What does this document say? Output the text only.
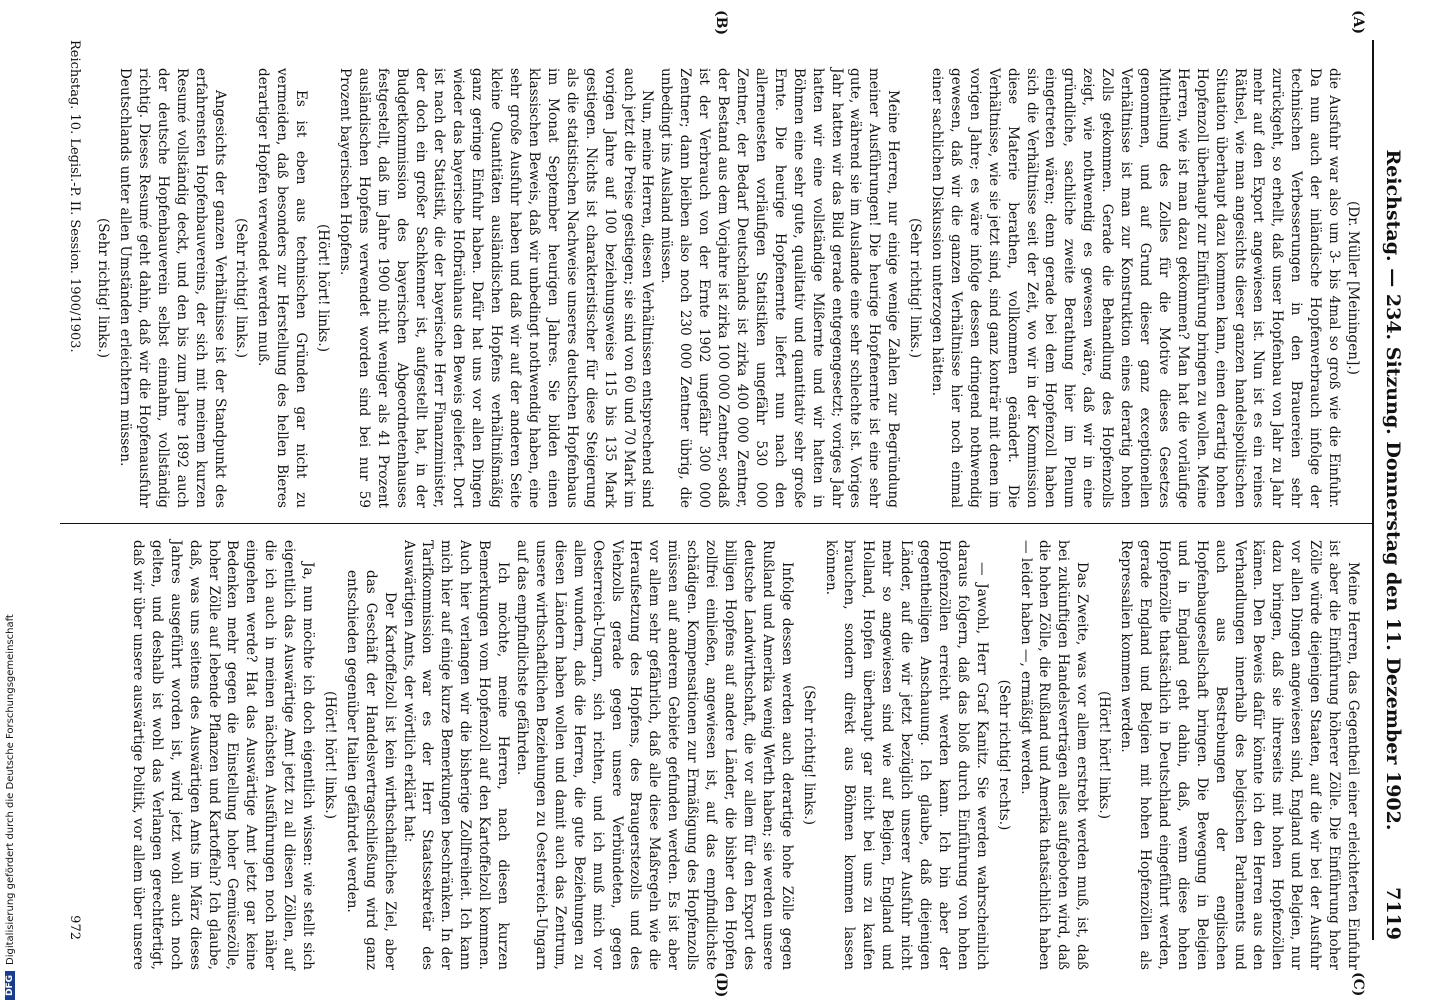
Reichstag. — 234. Sitzung. Donnerstag den 11. Dezember 1902.
7119
(A)
(B)
(C)
(D)

(Dr. Müller [Meiningen].)

die Ausfuhr war also um 3- bis 4mal so groß wie die Einfuhr. Da nun auch der inländische Hopfenverbrauch infolge der technischen Verbesserungen in den Brauereien sehr zurückgeht, so erhellt, daß unser Hopfenbau von Jahr zu Jahr mehr auf den Export angewiesen ist. Nun ist es ein reines Räthsel, wie man angesichts dieser ganzen handelspolitischen Situation überhaupt dazu kommen kann, einen derartig hohen Hopfenzoll überhaupt zur Einführung bringen zu wollen. Meine Herren, wie ist man dazu gekommen? Man hat die vorläufige Mittheilung des Zolles für die Motive dieses Gesetzes genommen, und auf Grund dieser ganz exceptionellen Verhältnisse ist man zur Konstruktion eines derartig hohen Zolls gekommen. Gerade die Behandlung des Hopfenzolls zeigt, wie nothwendig es gewesen wäre, daß wir in eine gründliche, sachliche zweite Berathung hier im Plenum eingetreten wären; denn gerade bei dem Hopfenzoll haben sich die Verhältnisse seit der Zeit, wo wir in der Kommission diese Materie berathen, vollkommen geändert. Die Verhältnisse, wie sie jetzt sind, sind ganz konträr mit denen im vorigen Jahre; es wäre infolge dessen dringend nothwendig gewesen, daß wir die ganzen Verhältnisse hier noch einmal einer sachlichen Diskussion unterzogen hätten.

(Sehr richtig! links.)

Meine Herren, nur einige wenige Zahlen zur Begründung meiner Ausführungen! Die heurige Hopfenernte ist eine sehr gute, während sie im Auslande eine sehr schlechte ist. Voriges Jahr hatten wir das Bild gerade entgegengesetzt; voriges Jahr hatten wir eine vollständige Mißernte und wir hatten in Böhmen eine sehr gute, qualitativ und quantitativ sehr große Ernte. Die heurige Hopfenernte liefert nun nach den allerneuesten vorläufigen Statistiken ungefähr 530 000 Zentner, der Bedarf Deutschlands ist zirka 400 000 Zentner, der Bestand aus dem Vorjahre ist zirka 100 000 Zentner, sodaß ist der Verbrauch von der Ernte 1902 ungefähr 300 000 Zentner; dann bleiben also noch 230 000 Zentner übrig, die unbedingt ins Ausland müssen.

Nun, meine Herren, diesen Verhältnissen entsprechend sind auch jetzt die Preise gestiegen; sie sind von 60 und 70 Mark im vorigen Jahre auf 100 beziehungsweise 115 bis 135 Mark gestiegen. Nichts ist charakteristischer für diese Steigerung als die statistischen Nachweise unseres deutschen Hopfenbaus im Monat September heurigen Jahres. Sie bilden einen klassischen Beweis, daß wir unbedingt nothwendig haben, eine sehr große Ausfuhr haben und daß wir auf der anderen Seite kleine Quantitäten ausländischen Hopfens verhältnißmäßig ganz geringe Einfuhr haben. Dafür hat uns vor allen Dingen wieder das bayerische Hofbräuhaus den Beweis geliefert. Dort ist nach der Statistik, die der bayerische Herr Finanzminister, der doch ein großer Sachkenner ist, aufgestellt hat, in der Budgetkommission des bayerischen Abgeordnetenhauses festgestellt, daß im Jahre 1900 nicht weniger als 41 Prozent ausländischen Hopfens verwendet worden sind bei nur 59 Prozent bayerischen Hopfens.

(Hört! hört! links.)

Es ist eben aus technischen Gründen gar nicht zu vermeiden, daß besonders zur Herstellung des hellen Bieres derartiger Hopfen verwendet werden muß.

(Sehr richtig! links.)

Angesichts der ganzen Verhältnisse ist der Standpunkt des erfahrensten Hopfenbauvereins, der sich mit meinem kurzen Resumé vollständig deckt, und den bis zum Jahre 1892 auch der deutsche Hopfenbauverein selbst einnahm, vollständig richtig. Dieses Resumé geht dahin, daß wir die Hopfenausfuhr Deutschlands unter allen Umständen erleichtern müssen.

(Sehr richtig! links.)

Meine Herren, das Gegentheil einer erleichterten Einfuhr ist aber die Einführung höherer Zölle. Die Einführung hoher Zölle würde diejenigen Staaten, auf die wir bei der Ausfuhr vor allen Dingen angewiesen sind, England und Belgien, nur dazu bringen, daß sie ihrerseits mit hohen Hopfenzöllen kämen. Den Beweis dafür könnte ich den Herren aus den Verhandlungen innerhalb des belgischen Parlaments und auch aus Bestrebungen der englischen Hopfenbaugesellschaft bringen. Die Bewegung in Belgien und in England geht dahin, daß, wenn diese hohen Hopfenzölle thatsächlich in Deutschland eingeführt werden, gerade England und Belgien mit hohen Hopfenzöllen als Repressalien kommen werden.

(Hört! hört! links.)

Das Zweite, was vor allem erstrebt werden muß, ist, daß bei zukünftigen Handelsverträgen alles aufgeboten wird, daß die hohen Zölle, die Rußland und Amerika thatsächlich haben — leider haben —, ermäßigt werden.

(Sehr richtig! rechts.)

— Jawohl, Herr Graf Kanitz. Sie werden wahrscheinlich daraus folgern, daß das bloß durch Einführung von hohen Hopfenzöllen erreicht werden kann. Ich bin aber der gegentheiligen Anschauung. Ich glaube, daß diejenigen Länder, auf die wir jetzt bezüglich unserer Ausfuhr nicht mehr so angewiesen sind wie auf Belgien, England und Holland, Hopfen überhaupt gar nicht bei uns zu kaufen brauchen, sondern direkt aus Böhmen kommen lassen können.

(Sehr richtig! links.)

Infolge dessen werden auch derartige hohe Zölle gegen Rußland und Amerika wenig Werth haben; sie werden unsere deutsche Landwirthschaft, die vor allem für den Export des billigen Hopfens auf andere Länder, die bisher den Hopfen zollfrei einließen, angewiesen ist, auf das empfindlichste schädigen. Kompensationen zur Ermäßigung des Hopfenzolls müssen auf anderem Gebiete gefunden werden. Es ist aber vor allem sehr gefährlich, daß alle diese Maßregeln wie die Heraufsetzung des Hopfens, des Braugerstezolls und des Viehzolls gerade gegen unsere Verbündeten, gegen Oesterreich-Ungarn, sich richten, und ich muß mich vor allem wundern, daß die Herren, die gute Beziehungen zu diesen Ländern haben wollen und damit auch das Zentrum, unsere wirthschaftlichen Beziehungen zu Oesterreich-Ungarn auf das empfindlichste gefährden.

Ich möchte, meine Herren, nach diesen kurzen Bemerkungen vom Hopfenzoll auf den Kartoffelzoll kommen. Auch hier verlangen wir die bisherige Zollfreiheit. Ich kann mich hier auf einige kurze Bemerkungen beschränken. In der Tarifkommission war es der Herr Staatssekretär des Auswärtigen Amts, der wörtlich erklärt hat:

Der Kartoffelzoll ist kein wirthschaftliches Ziel, aber das Geschäft der Handelsvertragschließung wird ganz entschieden gegenüber Italien gefährdet werden.

(Hört! hört! links.)

Ja, nun möchte ich doch eigentlich wissen: wie stellt sich eigentlich das Auswärtige Amt jetzt zu all diesen Zöllen, auf die ich auch in meinen nächsten Ausführungen noch näher eingehen werde? Hat das Auswärtige Amt jetzt gar keine Bedenken mehr gegen die Einstellung hoher Gemüsezölle, hoher Zölle auf lebende Pflanzen und Kartoffeln? Ich glaube, daß, was uns seitens des Auswärtigen Amts im März dieses Jahres ausgeführt worden ist, wird jetzt wohl auch noch gelten, und deshalb ist wohl das Verlangen gerechtfertigt, daß wir über unsere auswärtige Politik, vor allem über unsere

Reichstag. 10. Legisl.-P. II. Session. 1900/1903.
972
DFG
Digitalisierung gefördert durch die Deutsche Forschungsgemeinschaft
